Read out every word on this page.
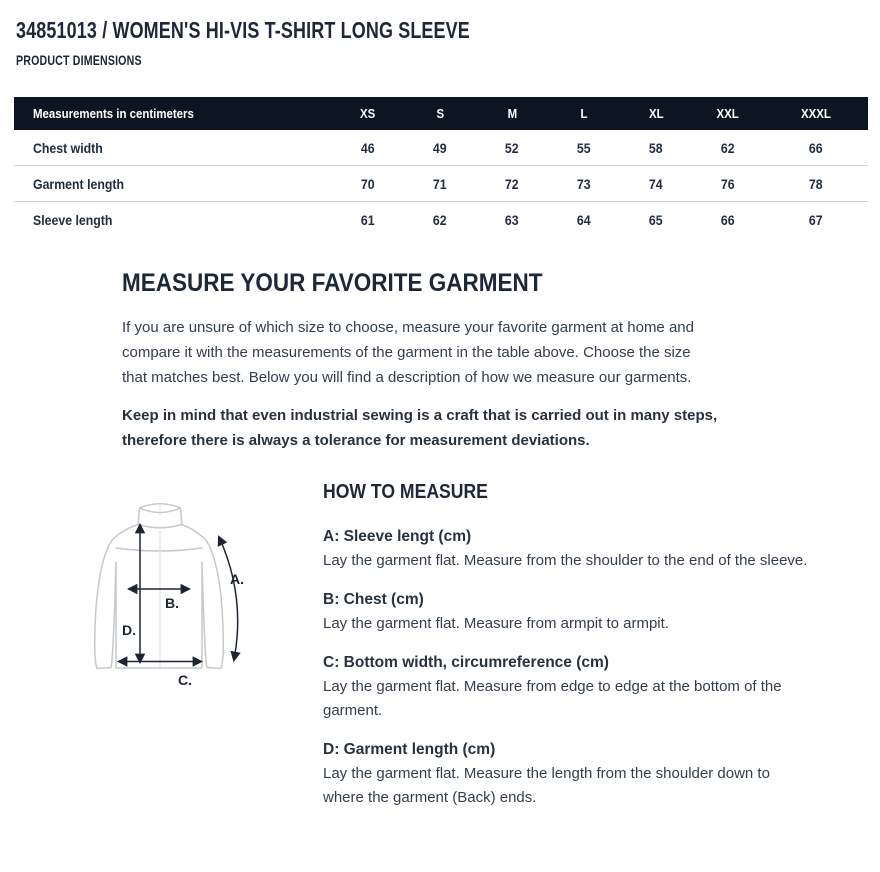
34851013 / WOMEN'S HI-VIS T-SHIRT LONG SLEEVE
PRODUCT DIMENSIONS
Measurements in centimeters	XS	S	M	L	XL	XXL	XXXL
Chest width	46	49	52	55	58	62	66
Garment length	70	71	72	73	74	76	78
Sleeve length	61	62	63	64	65	66	67
MEASURE YOUR FAVORITE GARMENT

If you are unsure of which size to choose, measure your favorite garment at home and
compare it with the measurements of the garment in the table above. Choose the size
that matches best. Below you will find a description of how we measure our garments.

Keep in mind that even industrial sewing is a craft that is carried out in many steps,
therefore there is always a tolerance for measurement deviations.

A.
B.
C.
D.
HOW TO MEASURE
A: Sleeve lengt (cm)

Lay the garment flat. Measure from the shoulder to the end of the sleeve.

B: Chest (cm)

Lay the garment flat. Measure from armpit to armpit.

C: Bottom width, circumreference (cm)

Lay the garment flat. Measure from edge to edge at the bottom of the
garment.

D: Garment length (cm)

Lay the garment flat. Measure the length from the shoulder down to
where the garment (Back) ends.
